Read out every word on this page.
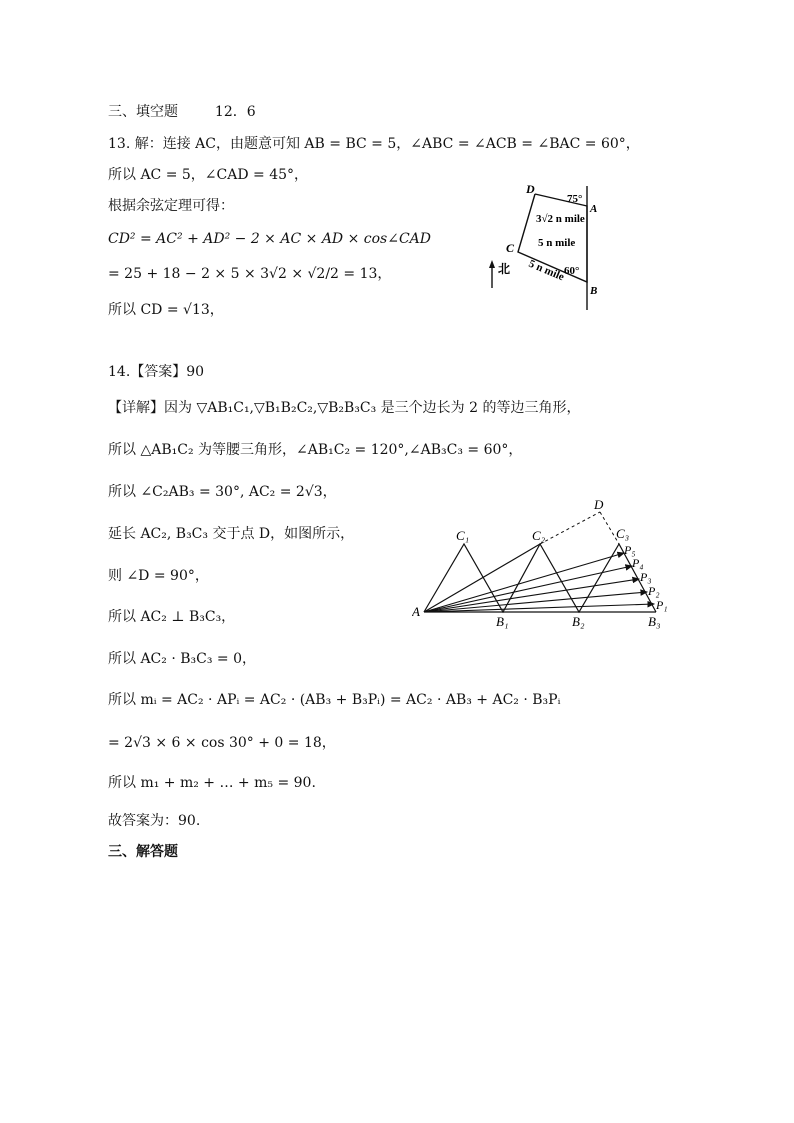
三、填空题	12．6
13. 解：连接 AC，由题意可知 AB = BC = 5，∠ABC = ∠ACB = ∠BAC = 60°，
所以 AC = 5，∠CAD = 45°，
根据余弦定理可得：
CD² = AC² + AD² − 2 × AC × AD × cos∠CAD
= 25 + 18 − 2 × 5 × 3√2 × √2/2 = 13，
所以 CD = √13，
北
D
A
C
B
75°
60°
3√2 n mile
5 n mile
5 n mile
14.【答案】90
【详解】因为 ▽AB₁C₁,▽B₁B₂C₂,▽B₂B₃C₃ 是三个边长为 2 的等边三角形，
所以 △AB₁C₂ 为等腰三角形，∠AB₁C₂ = 120°,∠AB₃C₃ = 60°，
所以 ∠C₂AB₃ = 30°, AC₂ = 2√3，
延长 AC₂, B₃C₃ 交于点 D，如图所示，
则 ∠D = 90°，
所以 AC₂ ⊥ B₃C₃，
所以 AC₂ · B₃C₃ = 0，
所以 mᵢ = AC₂ · APᵢ = AC₂ · (AB₃ + B₃Pᵢ) = AC₂ · AB₃ + AC₂ · B₃Pᵢ
= 2√3 × 6 × cos 30° + 0 = 18，
所以 m₁ + m₂ + … + m₅ = 90.
故答案为：90.
A
B₁	B₂	B₃
C₁	C₂	C₃
D
P₅
P₄
P₃
P₂
P₁
三、解答题
